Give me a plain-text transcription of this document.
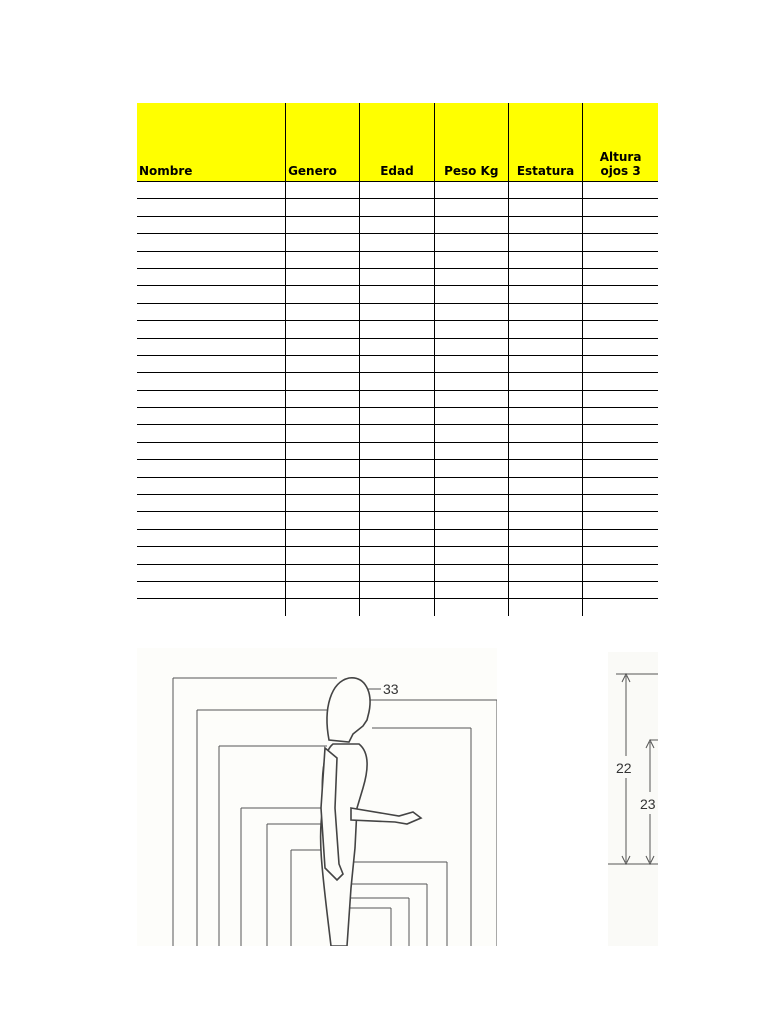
Nombre	Genero	Edad	Peso Kg	Estatura	Altura ojos 3

33
22
23
